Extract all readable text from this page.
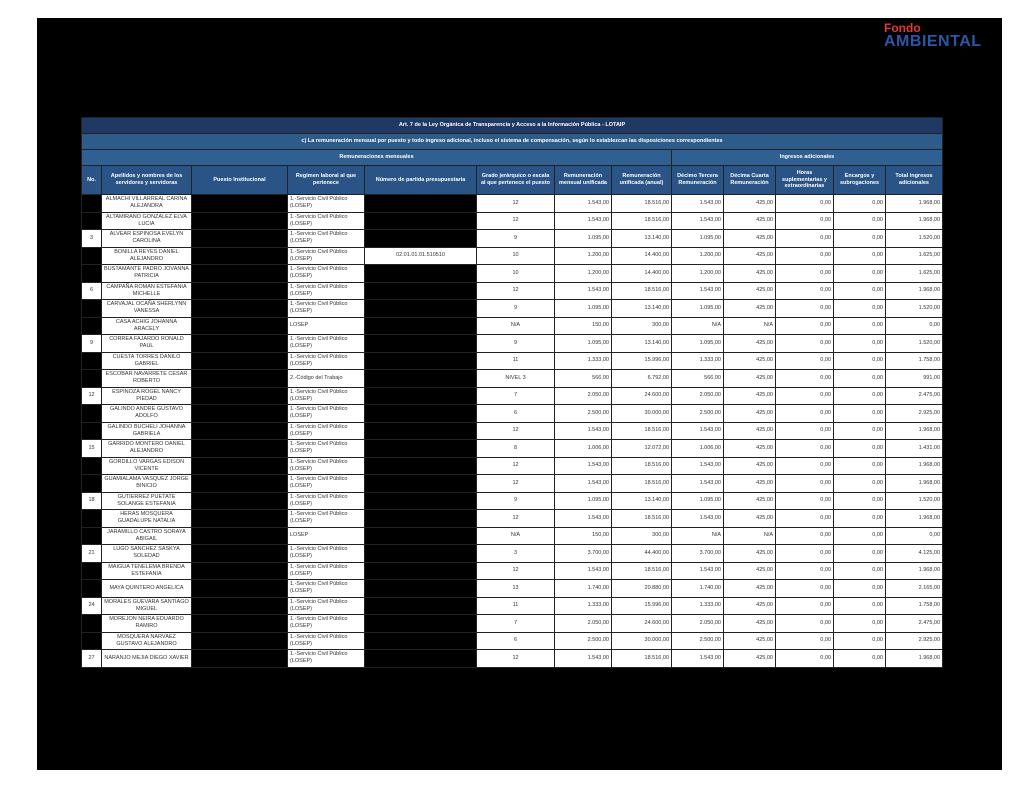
Fondo
AMBIENTAL
Art. 7 de la Ley Orgánica de Transparencia y Acceso a la Información Pública - LOTAIP												
c) La remuneración mensual por puesto y todo ingreso adicional, incluso el sistema de compensación, según lo establezcan las disposiciones correspondientes												
Remuneraciones mensuales								Ingresos adicionales				
No.	Apellidos y nombres de los servidores y servidoras	Puesto Institucional	Regimen laboral al que pertenece	Número de partida presupuestaria	Grado jerárquico o escala al que pertenece el puesto	Remuneración mensual unificada	Remuneración unificada (anual)	Décimo Tercera Remuneración	Décima Cuarta Remuneración	Horas suplementarias y extraordinarias	Encargos y subrogaciones	Total ingresos adicionales
	ALMACHI VILLARREAL CARINA ALEJANDRA		1.-Servicio Civil Público (LOSEP)		12	1.543,00	18.516,00	1.543,00	425,00	0,00	0,00	1.968,00
	ALTAMIRANO GONZALEZ ELVA LUCIA		1.-Servicio Civil Público (LOSEP)		12	1.543,00	18.516,00	1.543,00	425,00	0,00	0,00	1.968,00
3	ALVEAR ESPINOSA EVELYN CAROLINA		1.-Servicio Civil Público (LOSEP)		9	1.095,00	13.140,00	1.095,00	425,00	0,00	0,00	1.520,00
	BONILLA REYES DANIEL ALEJANDRO		1.-Servicio Civil Público (LOSEP)	02.01.01.01.510510	10	1.200,00	14.400,00	1.200,00	425,00	0,00	0,00	1.625,00
	BUSTAMANTE PADRO JOVANNA PATRICIA		1.-Servicio Civil Público (LOSEP)		10	1.200,00	14.400,00	1.200,00	425,00	0,00	0,00	1.625,00
6	CAMPAÑA ROMAN ESTEFANIA MICHELLE		1.-Servicio Civil Público (LOSEP)		12	1.543,00	18.516,00	1.543,00	425,00	0,00	0,00	1.968,00
	CARVAJAL OCAÑA SHERLYNN VANESSA		1.-Servicio Civil Público (LOSEP)		9	1.095,00	13.140,00	1.095,00	425,00	0,00	0,00	1.520,00
	CASA ACHIG JOHANNA ARACELY		LOSEP		N/A	150,00	300,00	N/A	N/A	0,00	0,00	0,00
9	CORREA FAJARDO RONALD PAUL		1.-Servicio Civil Público (LOSEP)		9	1.095,00	13.140,00	1.095,00	425,00	0,00	0,00	1.520,00
	CUESTA TORRES DANILO GABRIEL		1.-Servicio Civil Público (LOSEP)		11	1.333,00	15.996,00	1.333,00	425,00	0,00	0,00	1.758,00
	ESCOBAR NAVARRETE CESAR ROBERTO		2.-Código del Trabajo		NIVEL 3	566,00	6.792,00	566,00	425,00	0,00	0,00	991,00
12	ESPINOZA ROGEL NANCY PIEDAD		1.-Servicio Civil Público (LOSEP)		7	2.050,00	24.600,00	2.050,00	425,00	0,00	0,00	2.475,00
	GALINDO ANDRE GUSTAVO ADOLFO		1.-Servicio Civil Público (LOSEP)		6	2.500,00	30.000,00	2.500,00	425,00	0,00	0,00	2.925,00
	GALINDO BUCHELI JOHANNA GABRIELA		1.-Servicio Civil Público (LOSEP)		12	1.543,00	18.516,00	1.543,00	425,00	0,00	0,00	1.968,00
15	GARRIDO MONTERO DANIEL ALEJANDRO		1.-Servicio Civil Público (LOSEP)		8	1.006,00	12.072,00	1.006,00	425,00	0,00	0,00	1.431,00
	GORDILLO VARGAS EDISON VICENTE		1.-Servicio Civil Público (LOSEP)		12	1.543,00	18.516,00	1.543,00	425,00	0,00	0,00	1.968,00
	GUAMIALAMA VASQUEZ JORGE BINICIO		1.-Servicio Civil Público (LOSEP)		12	1.543,00	18.516,00	1.543,00	425,00	0,00	0,00	1.968,00
18	GUTIERREZ PUETATE SOLANGE ESTEFANIA		1.-Servicio Civil Público (LOSEP)		9	1.095,00	13.140,00	1.095,00	425,00	0,00	0,00	1.520,00
	HERAS MOSQUERA GUADALUPE NATALIA		1.-Servicio Civil Público (LOSEP)		12	1.543,00	18.516,00	1.543,00	425,00	0,00	0,00	1.968,00
	JARAMILLO CASTRO SORAYA ABIGAIL		LOSEP		N/A	150,00	300,00	N/A	N/A	0,00	0,00	0,00
21	LUGO SANCHEZ SASKYA SOLEDAD		1.-Servicio Civil Público (LOSEP)		3	3.700,00	44.400,00	3.700,00	425,00	0,00	0,00	4.125,00
	MAIGUA TENELEMA BRENDA ESTEFANIA		1.-Servicio Civil Público (LOSEP)		12	1.543,00	18.516,00	1.543,00	425,00	0,00	0,00	1.968,00
	MAYA QUINTERO ANGELICA		1.-Servicio Civil Público (LOSEP)		13	1.740,00	20.880,00	1.740,00	425,00	0,00	0,00	2.165,00
24	MORALES GUEVARA SANTIAGO MIGUEL		1.-Servicio Civil Público (LOSEP)		11	1.333,00	15.996,00	1.333,00	425,00	0,00	0,00	1.758,00
	MOREJON NEIRA EDUARDO RAMIRO		1.-Servicio Civil Público (LOSEP)		7	2.050,00	24.600,00	2.050,00	425,00	0,00	0,00	2.475,00
	MOSQUERA NARVAEZ GUSTAVO ALEJANDRO		1.-Servicio Civil Público (LOSEP)		6	2.500,00	30.000,00	2.500,00	425,00	0,00	0,00	2.925,00
27	NARANJO MEJIA DIEGO XAVIER		1.-Servicio Civil Público (LOSEP)		12	1.543,00	18.516,00	1.543,00	425,00	0,00	0,00	1.968,00
